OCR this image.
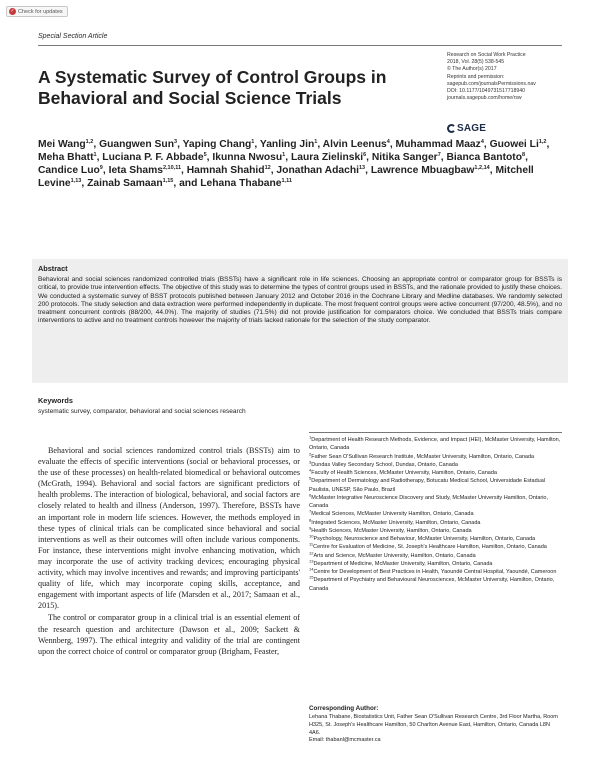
✓ Check for updates
Special Section Article
A Systematic Survey of Control Groups in Behavioral and Social Science Trials
Research on Social Work Practice
2018, Vol. 28(5) 538-545
© The Author(s) 2017
Reprints and permission:
sagepub.com/journalsPermissions.nav
DOI: 10.1177/1049731517718940
journals.sagepub.com/home/rsw
SAGE
Mei Wang$^{1,2}$, Guangwen Sun$^3$, Yaping Chang$^1$, Yanling Jin$^1$, Alvin Leenus$^4$, Muhammad Maaz$^4$, Guowei Li$^{1,2}$, Meha Bhatt$^1$, Luciana P. F. Abbade$^5$, Ikunna Nwosu$^1$, Laura Zielinski$^6$, Nitika Sanger$^7$, Bianca Bantoto$^8$, Candice Luo$^9$, Ieta Shams$^{2,10,11}$, Hamnah Shahid$^{12}$, Jonathan Adachi$^{13}$, Lawrence Mbuagbaw$^{1,2,14}$, Mitchell Levine$^{1,13}$, Zainab Samaan$^{1,15}$, and Lehana Thabane$^{1,11}$
Abstract

Behavioral and social sciences randomized controlled trials (BSSTs) have a significant role in life sciences. Choosing an appropriate control or comparator group for BSSTs is critical, to provide true intervention effects. The objective of this study was to determine the types of control groups used in BSSTs, and the rationale provided to justify these choices. We conducted a systematic survey of BSST protocols published between January 2012 and October 2016 in the Cochrane Library and Medline databases. We randomly selected 200 protocols. The study selection and data extraction were performed independently in duplicate. The most frequent control groups were active concurrent (97/200, 48.5%), and no treatment concurrent controls (88/200, 44.0%). The majority of studies (71.5%) did not provide justification for comparators choice. We concluded that BSSTs trials compare interventions to active and no treatment controls however the majority of trials lacked rationale for the selection of the study comparator.

Keywords

systematic survey, comparator, behavioral and social sciences research

Behavioral and social sciences randomized control trials (BSSTs) aim to evaluate the effects of specific interventions (social or behavioral processes, or the use of these processes) on health-related biomedical or behavioral outcomes (McGrath, 1994). Behavioral and social factors are significant predictors of health problems. The interaction of biological, behavioral, and social factors are closely related to health and illness (Anderson, 1997). Therefore, BSSTs have an important role in modern life sciences. However, the methods employed in these types of clinical trials can be complicated since behavioral and social interventions as well as their outcomes will often include various components. For instance, these interventions might involve enhancing motivation, which may incorporate the use of activity tracking devices; encouraging physical activity, which may involve incentives and rewards; and improving participants' quality of life, which may incorporate coping skills, acceptance, and engagement with important aspects of life (Marsden et al., 2017; Samaan et al., 2015).

The control or comparator group in a clinical trial is an essential element of the research question and architecture (Dawson et al., 2009; Sackett & Wennberg, 1997). The ethical integrity and validity of the trial are contingent upon the correct choice of control or comparator group (Brigham, Feaster,

$^1$Department of Health Research Methods, Evidence, and Impact (HEI), McMaster University, Hamilton, Ontario, Canada
$^2$Father Sean O'Sullivan Research Institute, McMaster University, Hamilton, Ontario, Canada
$^3$Dundas Valley Secondary School, Dundas, Ontario, Canada
$^4$Faculty of Health Sciences, McMaster University, Hamilton, Ontario, Canada
$^5$Department of Dermatology and Radiotherapy, Botucatu Medical School, Universidade Estadual Paulista, UNESP, São Paulo, Brazil
$^6$McMaster Integrative Neuroscience Discovery and Study, McMaster University Hamilton, Ontario, Canada
$^7$Medical Sciences, McMaster University Hamilton, Ontario, Canada
$^8$Integrated Sciences, McMaster University, Hamilton, Ontario, Canada
$^9$Health Sciences, McMaster University, Hamilton, Ontario, Canada
$^{10}$Psychology, Neuroscience and Behaviour, McMaster University, Hamilton, Ontario, Canada
$^{11}$Centre for Evaluation of Medicine, St. Joseph's Healthcare Hamilton, Hamilton, Ontario, Canada
$^{12}$Arts and Science, McMaster University, Hamilton, Ontario, Canada
$^{13}$Department of Medicine, McMaster University, Hamilton, Ontario, Canada
$^{14}$Centre for Development of Best Practices in Health, Yaoundé Central Hospital, Yaoundé, Cameroon
$^{15}$Department of Psychiatry and Behavioural Neurosciences, McMaster University, Hamilton, Ontario, Canada
Corresponding Author:
Lehana Thabane, Biostatistics Unit, Father Sean O'Sullivan Research Centre, 3rd Floor Martha, Room H325, St. Joseph's Healthcare Hamilton, 50 Charlton Avenue East, Hamilton, Ontario, Canada L8N 4A6.
Email: thabanl@mcmaster.ca
